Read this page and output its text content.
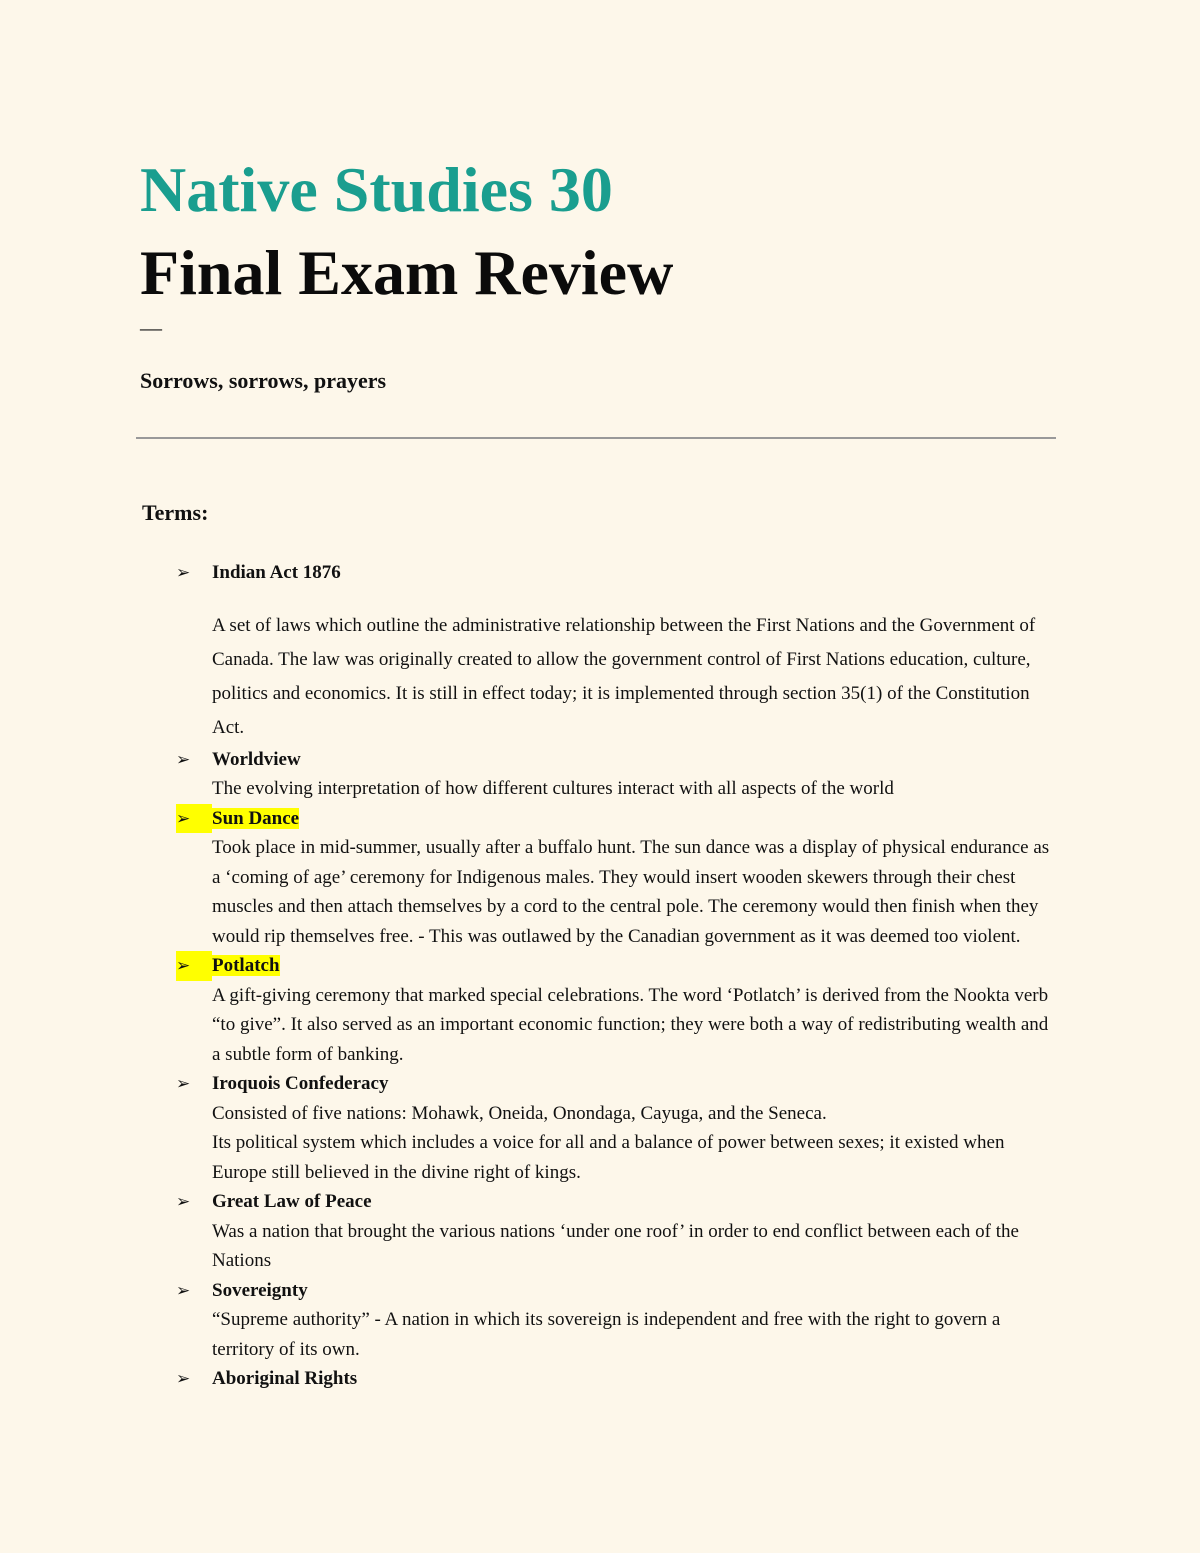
Native Studies 30
Final Exam Review
—
Sorrows, sorrows, prayers
Terms:
➢	Indian Act 1876
A set of laws which outline the administrative relationship between the First Nations and the Government of Canada. The law was originally created to allow the government control of First Nations education, culture, politics and economics. It is still in effect today; it is implemented through section 35(1) of the Constitution Act.
➢	Worldview
The evolving interpretation of how different cultures interact with all aspects of the world
➢	Sun Dance
Took place in mid-summer, usually after a buffalo hunt. The sun dance was a display of physical endurance as a ‘coming of age’ ceremony for Indigenous males. They would insert wooden skewers through their chest muscles and then attach themselves by a cord to the central pole. The ceremony would then finish when they would rip themselves free. - This was outlawed by the Canadian government as it was deemed too violent.
➢	Potlatch
A gift-giving ceremony that marked special celebrations. The word ‘Potlatch’ is derived from the Nookta verb “to give”. It also served as an important economic function; they were both a way of redistributing wealth and a subtle form of banking.
➢	Iroquois Confederacy
Consisted of five nations: Mohawk, Oneida, Onondaga, Cayuga, and the Seneca.
Its political system which includes a voice for all and a balance of power between sexes; it existed when Europe still believed in the divine right of kings.
➢	Great Law of Peace
Was a nation that brought the various nations ‘under one roof’ in order to end conflict between each of the Nations
➢	Sovereignty
“Supreme authority” - A nation in which its sovereign is independent and free with the right to govern a territory of its own.
➢	Aboriginal Rights
